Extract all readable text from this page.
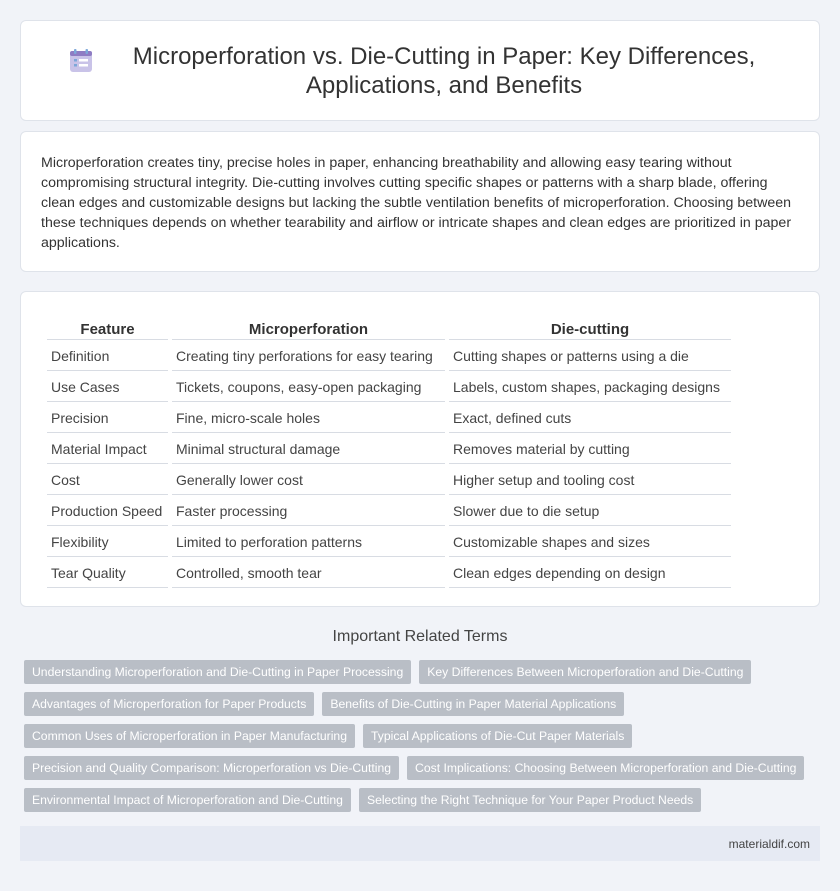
Microperforation vs. Die-Cutting in Paper: Key Differences, Applications, and Benefits

Microperforation creates tiny, precise holes in paper, enhancing breathability and allowing easy tearing without compromising structural integrity. Die-cutting involves cutting specific shapes or patterns with a sharp blade, offering clean edges and customizable designs but lacking the subtle ventilation benefits of microperforation. Choosing between these techniques depends on whether tearability and airflow or intricate shapes and clean edges are prioritized in paper applications.

Feature	Microperforation	Die-cutting
Definition	Creating tiny perforations for easy tearing	Cutting shapes or patterns using a die
Use Cases	Tickets, coupons, easy-open packaging	Labels, custom shapes, packaging designs
Precision	Fine, micro-scale holes	Exact, defined cuts
Material Impact	Minimal structural damage	Removes material by cutting
Cost	Generally lower cost	Higher setup and tooling cost
Production Speed	Faster processing	Slower due to die setup
Flexibility	Limited to perforation patterns	Customizable shapes and sizes
Tear Quality	Controlled, smooth tear	Clean edges depending on design
Important Related Terms
Understanding Microperforation and Die-Cutting in Paper Processing	Key Differences Between Microperforation and Die-Cutting
Advantages of Microperforation for Paper Products	Benefits of Die-Cutting in Paper Material Applications
Common Uses of Microperforation in Paper Manufacturing	Typical Applications of Die-Cut Paper Materials
Precision and Quality Comparison: Microperforation vs Die-Cutting	Cost Implications: Choosing Between Microperforation and Die-Cutting
Environmental Impact of Microperforation and Die-Cutting	Selecting the Right Technique for Your Paper Product Needs
materialdif.com
